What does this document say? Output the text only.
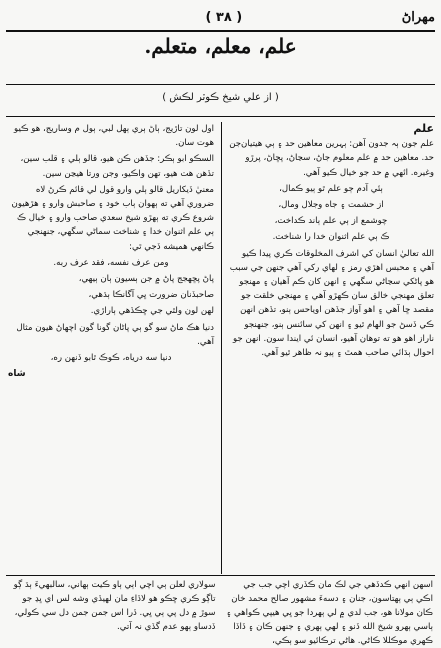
مهراڻ
( ٣٨ )
علم، معلم، متعلم.
( از علي شيخ ڪوٽر لڪش )

علم

علم جون ٻہ جدون آهن: ٻہرين معاهين حد ۽ ٻي هيتيان‌جن حد. معاهين حد ۾ علم معلوم جاڻ، سڃاڻ، پڇاڻ، پرڙو وغيره. ائهي ۾ حد جو خيال ڪيو آهي.

ٻئي آدم ڄو علم ٿو ٻيو ڪمال،

از حشمت ۽ جاه وجلال ومال،

چوشمع از ٻي علم ٻاند ڪداخت،

ڪ ٻي علم اثنوان خدا را شناخت.

الله تعاليٰ انسان کي اشرف المخلوقات ڪري پيدا ڪيو آهي ۽ محبس اهڙي رمز ۽ لهاي رکي آهي جنهن جي سبب هو پاڻکي سڃاڻي سگهي ۽ انهن کان ڪم آهيان ۽ مهنجو تعلق مهنجي خالق سان ڪهڙو آهي ۽ مهنجي خلقت جو مقصد ڇا آهي ۽ اهو آواز جڏهن اوياحس ٻنو، تڏهن انهن ڪي ڏسڻ جو الهام ٿيو ۽ انهن کي سائنس ٻنو، جنهنجو ناراز اهو هو ته توهان آهيو، انسان ئي ايندا سون. انهن جو احوال ٻڌائي صاحب همٿ ۽ ٻيو نہ ظاهر ٿيو آهي.

اول لون تاڙيج، ٻاڻ ٻري ٻهل لبي، ٻول م وساريج، هو ڪيو هوت سان.

السڪو ابو ٻڪر: جڏهن ڪن هيو، قالو ٻلي ۽ قلب سين، تڏهن هت هيو، تهن واڪيو، وجن ورتا هيڃن سين.

معنيٰ ڏيکاريل قالو ٻلي وارو قول لي قائم ڪرڻ لاه ضروري آهي ته ٻهوان ٻاب خود ۽ صاحبش وارو ۽ هڙهيون شروع ڪري ته ٻهڙو شيخ سعدي صاحب وارو ۽ خيال ڪ ٻي علم اثنوان خدا ۽ شناخت سماڻي سگهي، جنهنجي ڪانهي هميشه ڏجي ٿي:

ومن عرف نفسه، فقد عرف ربه.

پاڻ پڇهجج پاڻ ۾ جن ٻسيون ٻان ٻيهي،

صاحبڏنان ضرورت ڀي آگانڪا ٻڌهي،

لهن لون ولٿي جي ڇڪڏهي ٻاراڙي.

دنيا هڪ ماڻ سو گو ٻي پاڻان گونا گون اچهاڻ هيون مثال آهي.

دنيا سه درياه، ڪوڪ ٿابو ڏنهن ره،

شاه

اسهن انهي ڪدڏهي جي لڪ مان ڪڏري اچي جب جي اڪي ٻي ٻهتاسون، جنان ۽ دسهءَ مشهور صالح محمد خان ڪان مولانا هو، جب لدي ۾ لي ٻهردا جو ڀي هيپي ڪواهي ۽ ٻاسي ٻهرو شيخ الله ڏنو ۽ لهي ٻهري ۽ جنهن ڪان ۽ ڏاڏا ڪهري موڪللا ڪاڻي. هاڻي ترڪائيو سو ٻڪي،
سولاري لعلن ٻي اچي اٻي ٻاو ڪيت ٻهاني، سالبهيءَ ٻڌ ڳو تاڳو ڪري ڇڪو هو لاڏاءِ مان لهيڏي وشه لس اي ڀڍ جو سوڙ ۾ دل پي ٻي ڀي. ڏرا اس جمن جمن دل سي ڪولي، ڏدساو ٻھو عدم گڏي نہ آتي.
